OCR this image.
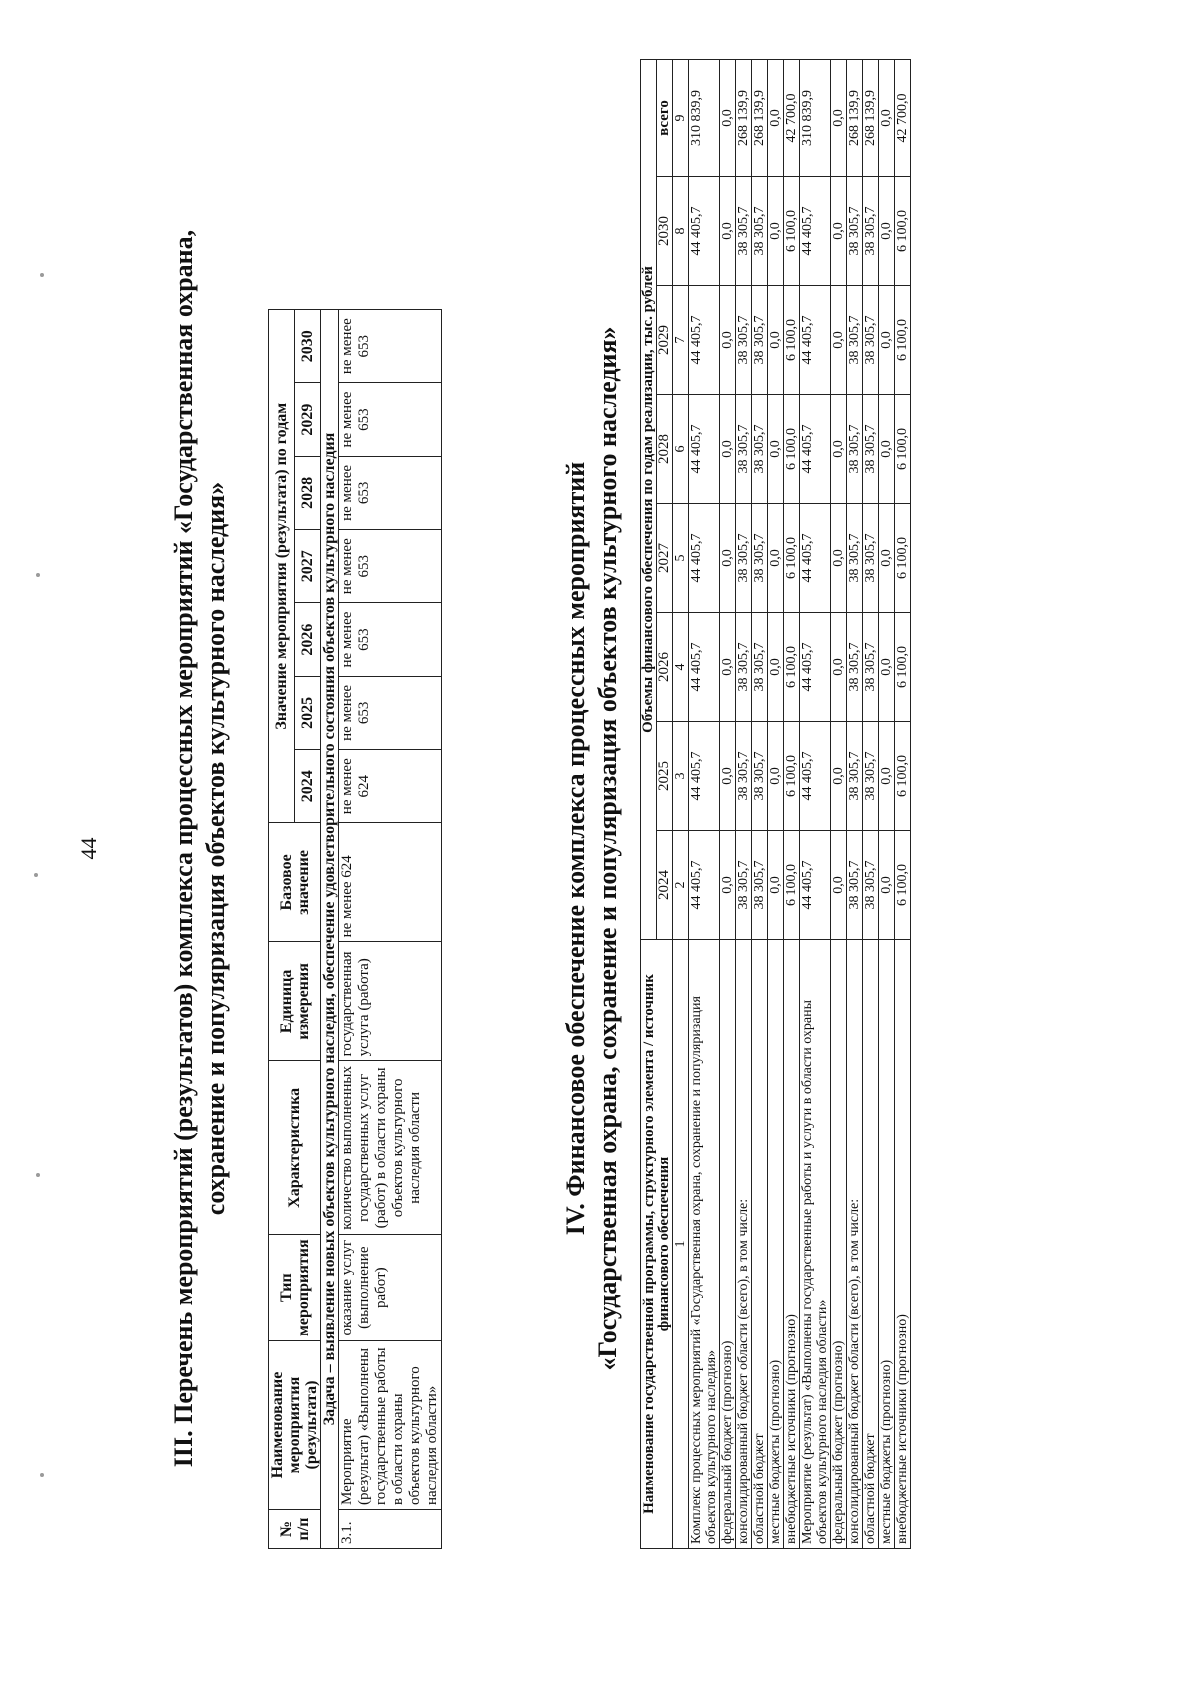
44	III. Перечень мероприятий (результатов) комплекса процессных мероприятий «Государственная охрана, сохранение и популяризация объектов культурного наследия»
№ п/п	Наименование мероприятия (результата)	Тип мероприятия	Характеристика	Единица измерения	Базовое значение	Значение мероприятия (результата) по годам						
						2024	2025	2026	2027	2028	2029	2030
Задача – выявление новых объектов культурного наследия, обеспечение удовлетворительного состояния объектов культурного наследия												
3.1.	Мероприятие (результат) «Выполнены государственные работы в области охраны объектов культурного наследия области»	оказание услуг (выполнение работ)	количество выполненных государственных услуг (работ) в области охраны объектов культурного наследия области	государственная услуга (работа)	не менее 624	не менее 624	не менее 653	не менее 653	не менее 653	не менее 653	не менее 653	не менее 653
IV. Финансовое обеспечение комплекса процессных мероприятий «Государственная охрана, сохранение и популяризация объектов культурного наследия» Наименование государственной программы, структурного элемента / источник финансового обеспечения	Объемы финансового обеспечения по годам реализации, тыс. рублей							
	2024	2025	2026	2027	2028	2029	2030	всего
1	2	3	4	5	6	7	8	9
Комплекс процессных мероприятий «Государственная охрана, сохранение и популяризация объектов культурного наследия»	44 405,7	44 405,7	44 405,7	44 405,7	44 405,7	44 405,7	44 405,7	310 839,9
федеральный бюджет (прогнозно)	0,0	0,0	0,0	0,0	0,0	0,0	0,0	0,0
консолидированный бюджет области (всего), в том числе:	38 305,7	38 305,7	38 305,7	38 305,7	38 305,7	38 305,7	38 305,7	268 139,9
областной бюджет	38 305,7	38 305,7	38 305,7	38 305,7	38 305,7	38 305,7	38 305,7	268 139,9
местные бюджеты (прогнозно)	0,0	0,0	0,0	0,0	0,0	0,0	0,0	0,0
внебюджетные источники (прогнозно)	6 100,0	6 100,0	6 100,0	6 100,0	6 100,0	6 100,0	6 100,0	42 700,0
Мероприятие (результат) «Выполнены государственные работы и услуги в области охраны объектов культурного наследия области»	44 405,7	44 405,7	44 405,7	44 405,7	44 405,7	44 405,7	44 405,7	310 839,9
федеральный бюджет (прогнозно)	0,0	0,0	0,0	0,0	0,0	0,0	0,0	0,0
консолидированный бюджет области (всего), в том числе:	38 305,7	38 305,7	38 305,7	38 305,7	38 305,7	38 305,7	38 305,7	268 139,9
областной бюджет	38 305,7	38 305,7	38 305,7	38 305,7	38 305,7	38 305,7	38 305,7	268 139,9
местные бюджеты (прогнозно)	0,0	0,0	0,0	0,0	0,0	0,0	0,0	0,0
внебюджетные источники (прогнозно)	6 100,0	6 100,0	6 100,0	6 100,0	6 100,0	6 100,0	6 100,0	42 700,0
